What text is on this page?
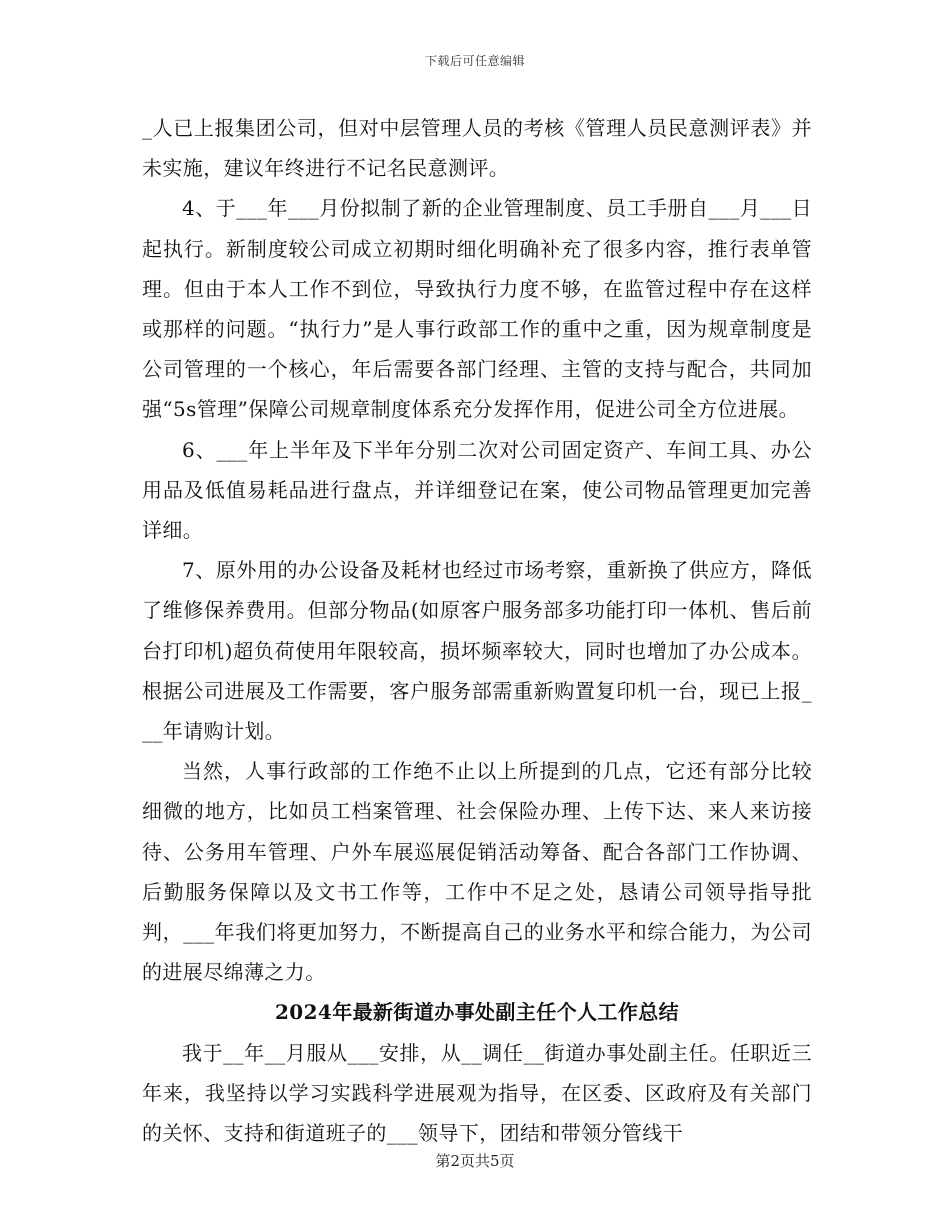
下载后可任意编辑

_人已上报集团公司，但对中层管理人员的考核《管理人员民意测评表》并未实施，建议年终进行不记名民意测评。

4、于___年___月份拟制了新的企业管理制度、员工手册自___月___日起执行。新制度较公司成立初期时细化明确补充了很多内容，推行表单管理。但由于本人工作不到位，导致执行力度不够，在监管过程中存在这样或那样的问题。“执行力”是人事行政部工作的重中之重，因为规章制度是公司管理的一个核心，年后需要各部门经理、主管的支持与配合，共同加强“5s管理”保障公司规章制度体系充分发挥作用，促进公司全方位进展。

6、___年上半年及下半年分别二次对公司固定资产、车间工具、办公用品及低值易耗品进行盘点，并详细登记在案，使公司物品管理更加完善详细。

7、原外用的办公设备及耗材也经过市场考察，重新换了供应方，降低了维修保养费用。但部分物品(如原客户服务部多功能打印一体机、售后前台打印机)超负荷使用年限较高，损坏频率较大，同时也增加了办公成本。根据公司进展及工作需要，客户服务部需重新购置复印机一台，现已上报___年请购计划。

当然，人事行政部的工作绝不止以上所提到的几点，它还有部分比较细微的地方，比如员工档案管理、社会保险办理、上传下达、来人来访接待、公务用车管理、户外车展巡展促销活动筹备、配合各部门工作协调、后勤服务保障以及文书工作等，工作中不足之处，恳请公司领导指导批判，___年我们将更加努力，不断提高自己的业务水平和综合能力，为公司的进展尽绵薄之力。

2024年最新街道办事处副主任个人工作总结

我于__年__月服从___安排，从__调任__街道办事处副主任。任职近三年来，我坚持以学习实践科学进展观为指导，在区委、区政府及有关部门的关怀、支持和街道班子的___领导下，团结和带领分管线干

第2页共5页
